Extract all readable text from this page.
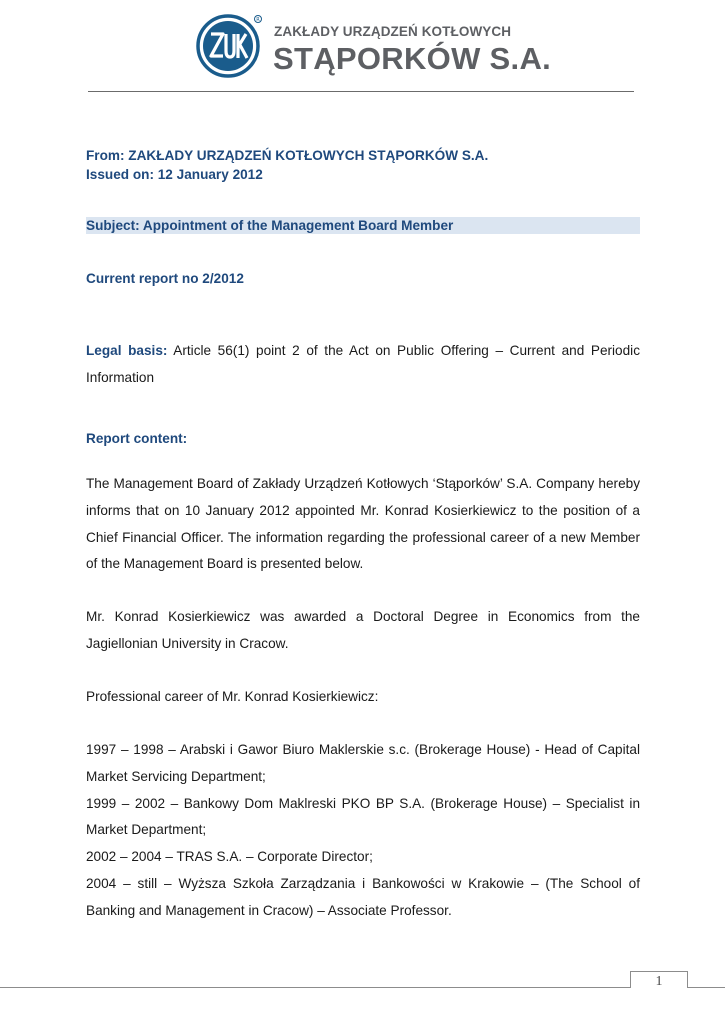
R
ZAKŁADY URZĄDZEŃ KOTŁOWYCH
STĄPORKÓW S.A.
From: ZAKŁADY URZĄDZEŃ KOTŁOWYCH STĄPORKÓW S.A.
Issued on: 12 January 2012
Subject: Appointment of the Management Board Member
Current report no 2/2012
Legal basis: Article 56(1) point 2 of the Act on Public Offering – Current and Periodic Information
Report content:
The Management Board of Zakłady Urządzeń Kotłowych ‘Stąporków’ S.A. Company hereby informs that on 10 January 2012 appointed Mr. Konrad Kosierkiewicz to the position of a Chief Financial Officer. The information regarding the professional career of a new Member of the Management Board is presented below.
Mr. Konrad Kosierkiewicz was awarded a Doctoral Degree in Economics from the Jagiellonian University in Cracow.
Professional career of Mr. Konrad Kosierkiewicz:
1997 – 1998 – Arabski i Gawor Biuro Maklerskie s.c. (Brokerage House) - Head of Capital Market Servicing Department;
1999 – 2002 – Bankowy Dom Maklreski PKO BP S.A. (Brokerage House) – Specialist in Market Department;
2002 – 2004 – TRAS S.A. – Corporate Director;
2004 – still – Wyższa Szkoła Zarządzania i Bankowości w Krakowie – (The School of Banking and Management in Cracow) – Associate Professor.
1
